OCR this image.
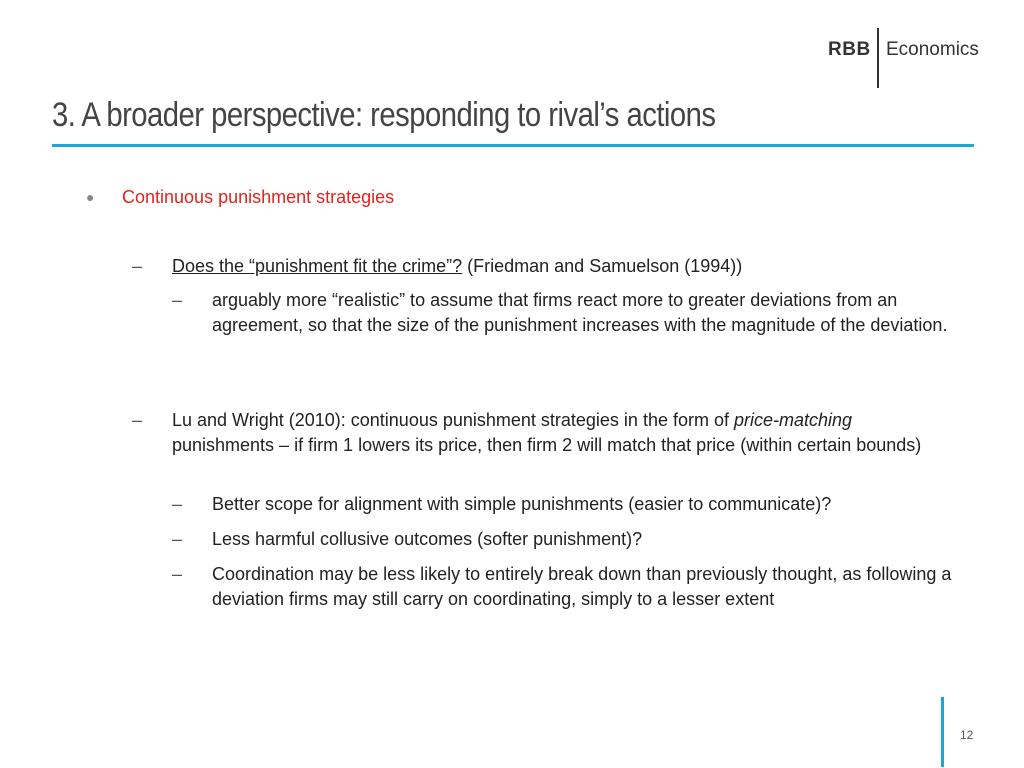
RBB Economics
3. A broader perspective: responding to rival’s actions
● Continuous punishment strategies
– Does the “punishment fit the crime”? (Friedman and Samuelson (1994))
– arguably more “realistic” to assume that firms react more to greater deviations from an agreement, so that the size of the punishment increases with the magnitude of the deviation.
– Lu and Wright (2010): continuous punishment strategies in the form of price-matching punishments – if firm 1 lowers its price, then firm 2 will match that price (within certain bounds)
– Better scope for alignment with simple punishments (easier to communicate)?
– Less harmful collusive outcomes (softer punishment)?
– Coordination may be less likely to entirely break down than previously thought, as following a deviation firms may still carry on coordinating, simply to a lesser extent
12
